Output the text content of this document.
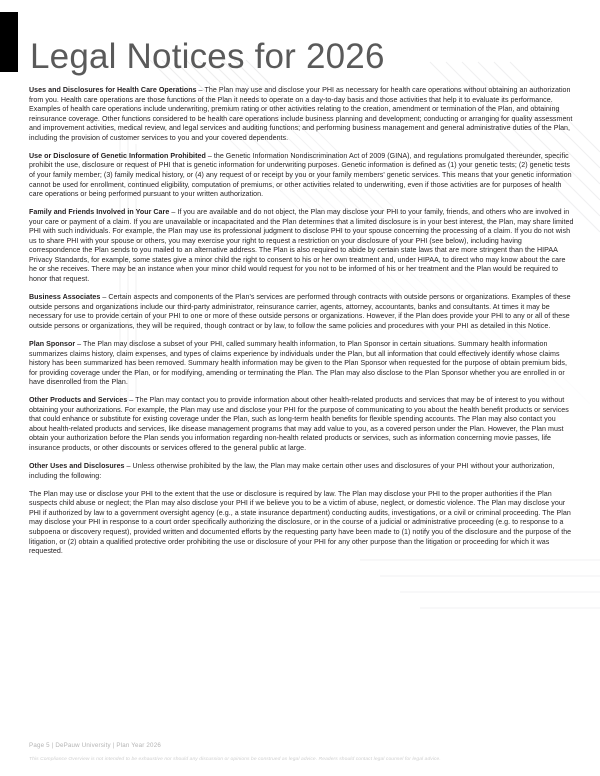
Legal Notices for 2026

Uses and Disclosures for Health Care Operations – The Plan may use and disclose your PHI as necessary for health care operations without obtaining an authorization from you. Health care operations are those functions of the Plan it needs to operate on a day-to-day basis and those activities that help it to evaluate its performance. Examples of health care operations include underwriting, premium rating or other activities relating to the creation, amendment or termination of the Plan, and obtaining reinsurance coverage. Other functions considered to be health care operations include business planning and development; conducting or arranging for quality assessment and improvement activities, medical review, and legal services and auditing functions; and performing business management and general administrative duties of the Plan, including the provision of customer services to you and your covered dependents.

Use or Disclosure of Genetic Information Prohibited – the Genetic Information Nondiscrimination Act of 2009 (GINA), and regulations promulgated thereunder, specific prohibit the use, disclosure or request of PHI that is genetic information for underwriting purposes. Genetic information is defined as (1) your genetic tests; (2) genetic tests of your family member; (3) family medical history, or (4) any request of or receipt by you or your family members' genetic services. This means that your genetic information cannot be used for enrollment, continued eligibility, computation of premiums, or other activities related to underwriting, even if those activities are for purposes of health care operations or being performed pursuant to your written authorization.

Family and Friends Involved in Your Care – If you are available and do not object, the Plan may disclose your PHI to your family, friends, and others who are involved in your care or payment of a claim. If you are unavailable or incapacitated and the Plan determines that a limited disclosure is in your best interest, the Plan, may share limited PHI with such individuals. For example, the Plan may use its professional judgment to disclose PHI to your spouse concerning the processing of a claim. If you do not wish us to share PHI with your spouse or others, you may exercise your right to request a restriction on your disclosure of your PHI (see below), including having correspondence the Plan sends to you mailed to an alternative address. The Plan is also required to abide by certain state laws that are more stringent than the HIPAA Privacy Standards, for example, some states give a minor child the right to consent to his or her own treatment and, under HIPAA, to direct who may know about the care he or she receives. There may be an instance when your minor child would request for you not to be informed of his or her treatment and the Plan would be required to honor that request.

Business Associates – Certain aspects and components of the Plan's services are performed through contracts with outside persons or organizations. Examples of these outside persons and organizations include our third-party administrator, reinsurance carrier, agents, attorney, accountants, banks and consultants. At times it may be necessary for use to provide certain of your PHI to one or more of these outside persons or organizations. However, if the Plan does provide your PHI to any or all of these outside persons or organizations, they will be required, though contract or by law, to follow the same policies and procedures with your PHI as detailed in this Notice.

Plan Sponsor – The Plan may disclose a subset of your PHI, called summary health information, to Plan Sponsor in certain situations. Summary health information summarizes claims history, claim expenses, and types of claims experience by individuals under the Plan, but all information that could effectively identify whose claims history has been summarized has been removed. Summary health information may be given to the Plan Sponsor when requested for the purpose of obtain premium bids, for providing coverage under the Plan, or for modifying, amending or terminating the Plan. The Plan may also disclose to the Plan Sponsor whether you are enrolled in or have disenrolled from the Plan.

Other Products and Services – The Plan may contact you to provide information about other health-related products and services that may be of interest to you without obtaining your authorizations. For example, the Plan may use and disclose your PHI for the purpose of communicating to you about the health benefit products or services that could enhance or substitute for existing coverage under the Plan, such as long-term health benefits for flexible spending accounts. The Plan may also contact you about health-related products and services, like disease management programs that may add value to you, as a covered person under the Plan. However, the Plan must obtain your authorization before the Plan sends you information regarding non-health related products or services, such as information concerning movie passes, life insurance products, or other discounts or services offered to the general public at large.

Other Uses and Disclosures – Unless otherwise prohibited by the law, the Plan may make certain other uses and disclosures of your PHI without your authorization, including the following:

The Plan may use or disclose your PHI to the extent that the use or disclosure is required by law. The Plan may disclose your PHI to the proper authorities if the Plan suspects child abuse or neglect; the Plan may also disclose your PHI if we believe you to be a victim of abuse, neglect, or domestic violence. The Plan may disclose your PHI if authorized by law to a government oversight agency (e.g., a state insurance department) conducting audits, investigations, or a civil or criminal proceeding. The Plan may disclose your PHI in response to a court order specifically authorizing the disclosure, or in the course of a judicial or administrative proceeding (e.g. to response to a subpoena or discovery request), provided written and documented efforts by the requesting party have been made to (1) notify you of the disclosure and the purpose of the litigation, or (2) obtain a qualified protective order prohibiting the use or disclosure of your PHI for any other purpose than the litigation or proceeding for which it was requested.

Page 5 | DePauw University | Plan Year 2026
This Compliance Overview is not intended to be exhaustive nor should any discussion or opinions be construed as legal advice. Readers should contact legal counsel for legal advice.
